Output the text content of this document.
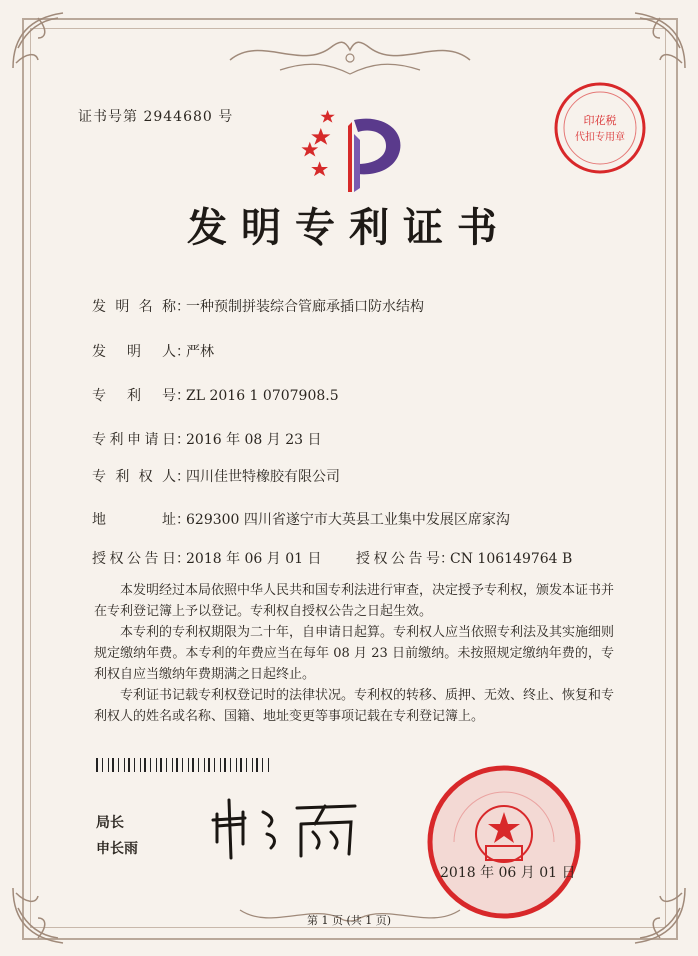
证书号第 2944680 号	印花税
代扣专用章
发明专利证书
发 明 名 称：一种预制拼装综合管廊承插口防水结构
发 明 人：严林
专 利 号：ZL 2016 1 0707908.5
专利申请日：2016 年 08 月 23 日
专 利 权 人：四川佳世特橡胶有限公司
地 址：629300 四川省遂宁市大英县工业集中发展区席家沟
授权公告日：2018 年 06 月 01 日 授权公告号：CN 106149764 B

本发明经过本局依照中华人民共和国专利法进行审查，决定授予专利权，颁发本证书并在专利登记簿上予以登记。专利权自授权公告之日起生效。

本专利的专利权期限为二十年，自申请日起算。专利权人应当依照专利法及其实施细则规定缴纳年费。本专利的年费应当在每年 08 月 23 日前缴纳。未按照规定缴纳年费的，专利权自应当缴纳年费期满之日起终止。

专利证书记载专利权登记时的法律状况。专利权的转移、质押、无效、终止、恢复和专利权人的姓名或名称、国籍、地址变更等事项记载在专利登记簿上。

局长
申长雨
2018 年 06 月 01 日
第 1 页 (共 1 页)
